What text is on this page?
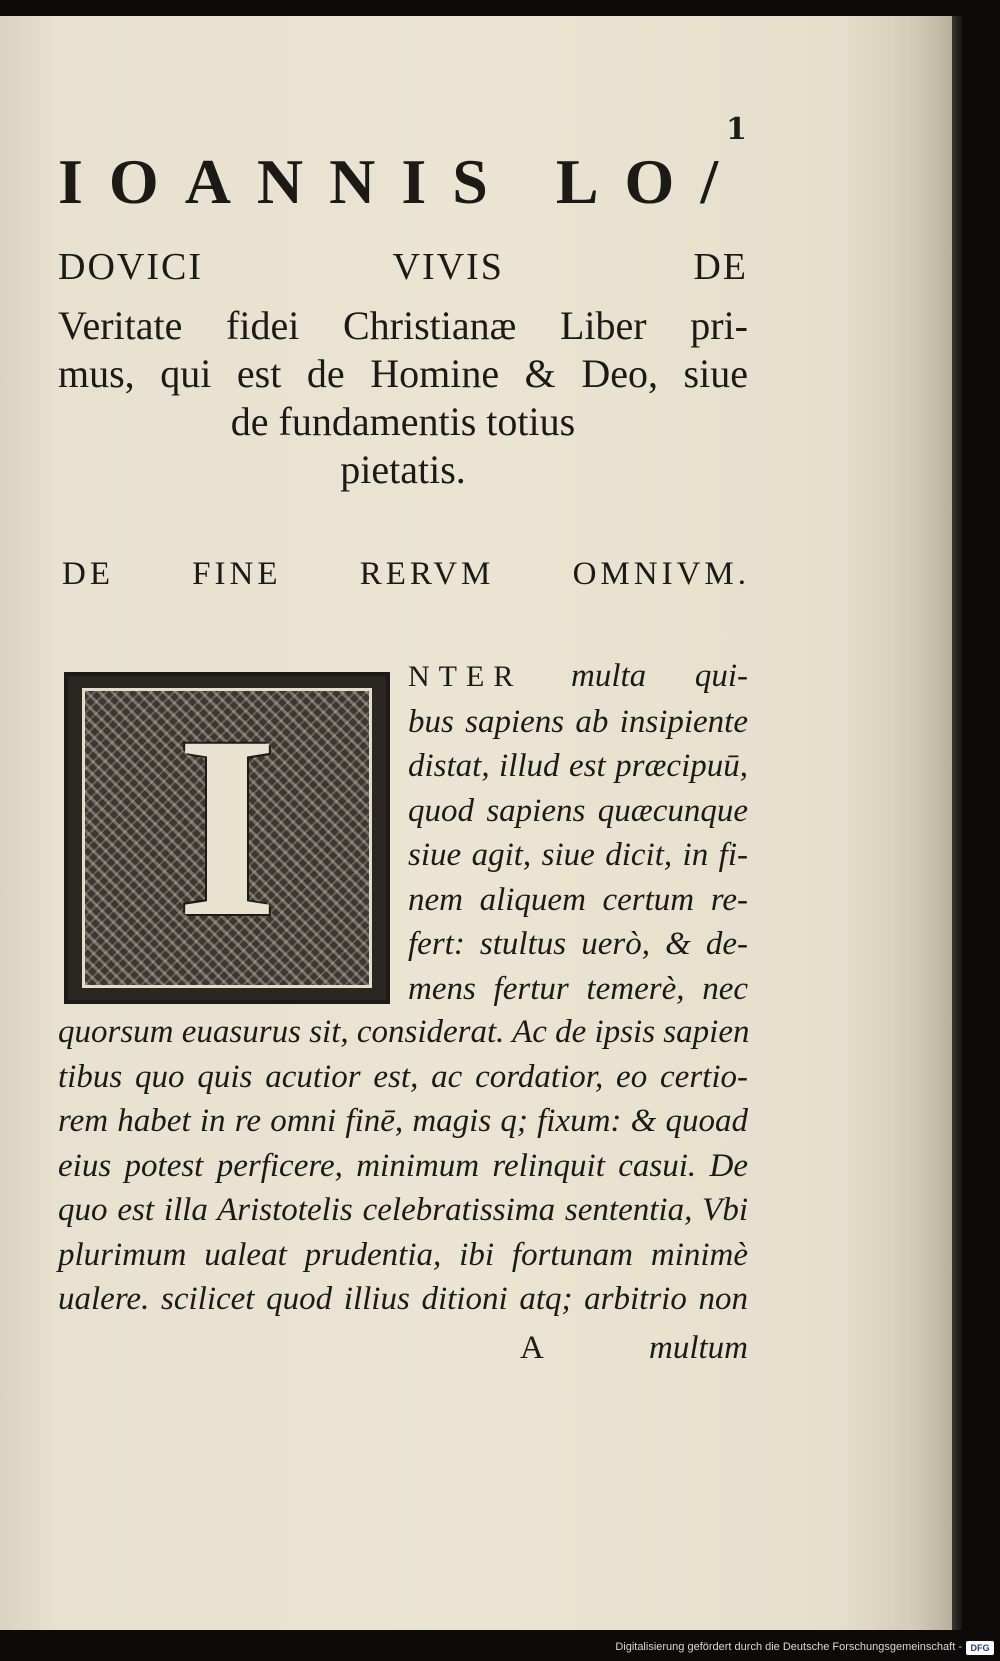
1
IOANNIS LO/
DOVICI	VIVIS	DE
Veritate fidei Christianæ Liber pri-
mus, qui est de Homine & Deo, siue
de fundamentis totius
pietatis.
DE FINE RERVM OMNIVM.
I
NTER multa qui-
bus sapiens ab insipiente
distat, illud est præcipuū,
quod sapiens quæcunque
siue agit, siue dicit, in fi-
nem aliquem certum re-
fert: stultus uerò, & de-
mens fertur temerè, nec
quorsum euasurus sit, considerat. Ac de ipsis sapien
tibus quo quis acutior est, ac cordatior, eo certio-
rem habet in re omni finē, magis q; fixum: & quoad
eius potest perficere, minimum relinquit casui. De
quo est illa Aristotelis celebratissima sententia, Vbi
plurimum ualeat prudentia, ibi fortunam minimè
ualere. scilicet quod illius ditioni atq; arbitrio non
A	multum
Digitalisierung gefördert durch die Deutsche Forschungsgemeinschaft - DFG
